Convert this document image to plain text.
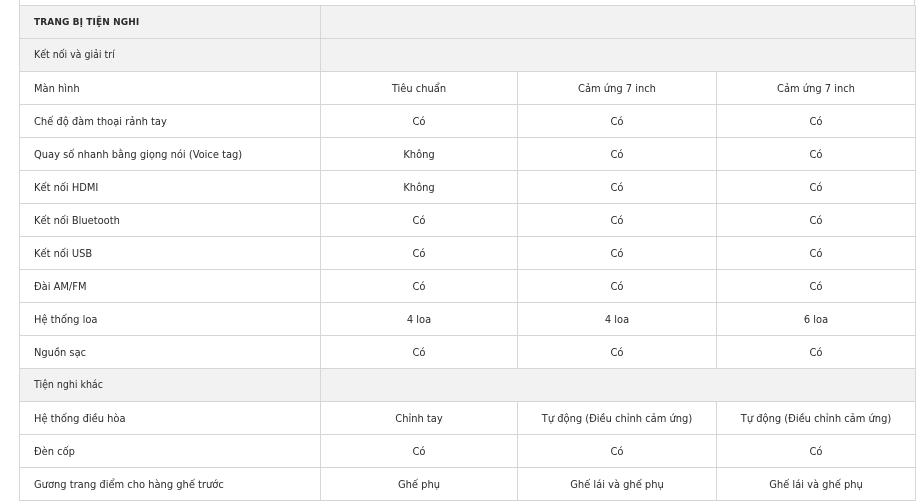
TRANG BỊ TIỆN NGHI			
Kết nối và giải trí			
Màn hình	Tiêu chuẩn	Cảm ứng 7 inch	Cảm ứng 7 inch
Chế độ đàm thoại rảnh tay	Có	Có	Có
Quay số nhanh bằng giọng nói (Voice tag)	Không	Có	Có
Kết nối HDMI	Không	Có	Có
Kết nối Bluetooth	Có	Có	Có
Kết nối USB	Có	Có	Có
Đài AM/FM	Có	Có	Có
Hệ thống loa	4 loa	4 loa	6 loa
Nguồn sạc	Có	Có	Có
Tiện nghi khác			
Hệ thống điều hòa	Chỉnh tay	Tự động (Điều chỉnh cảm ứng)	Tự động (Điều chỉnh cảm ứng)
Đèn cốp	Có	Có	Có
Gương trang điểm cho hàng ghế trước	Ghế phụ	Ghế lái và ghế phụ	Ghế lái và ghế phụ
